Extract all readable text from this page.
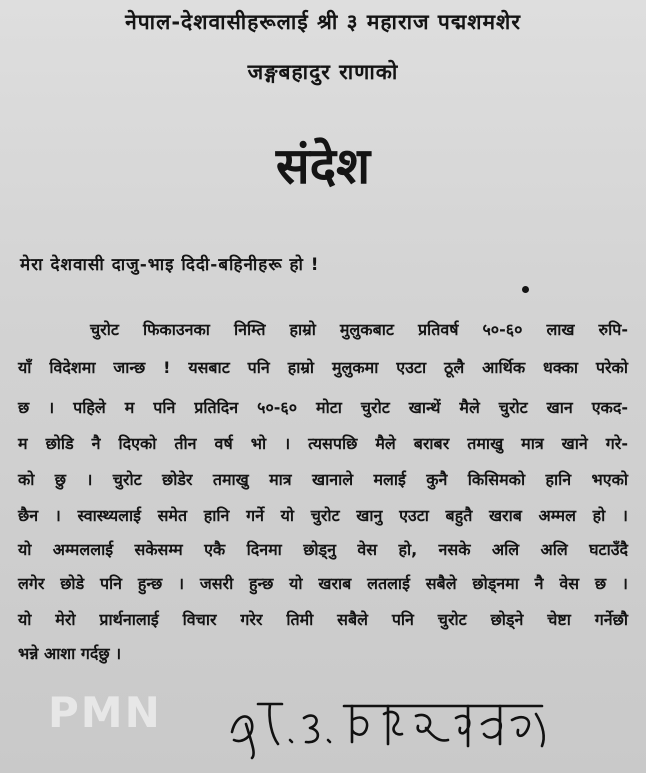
नेपाल-देशवासीहरूलाई श्री ३ महाराज पद्मशमशेर
जङ्गबहादुर राणाको
संदेश
मेरा देशवासी दाजु-भाइ दिदी-बहिनीहरू हो !
चुरोट फिकाउनका निम्ति हाम्रो मुलुकबाट प्रतिवर्ष ५०-६० लाख रुपि-
याँ विदेशमा जान्छ ! यसबाट पनि हाम्रो मुलुकमा एउटा ठूलै आर्थिक धक्का परेको
छ । पहिले म पनि प्रतिदिन ५०-६० मोटा चुरोट खान्थें मैले चुरोट खान एकद-
म छोडि नै दिएको तीन वर्ष भो । त्यसपछि मैले बराबर तमाखु मात्र खाने गरे-
को छु । चुरोट छोडेर तमाखु मात्र खानाले मलाई कुनै किसिमको हानि भएको
छैन । स्वास्थ्यलाई समेत हानि गर्ने यो चुरोट खानु एउटा बहुतै खराब अम्मल हो ।
यो अम्मललाई सकेसम्म एकै दिनमा छोड्नु वेस हो, नसके अलि अलि घटाउँदै
लगेर छोडे पनि हुन्छ । जसरी हुन्छ यो खराब लतलाई सबैले छोड्नमा नै वेस छ ।
यो मेरो प्रार्थनालाई विचार गरेर तिमी सबैले पनि चुरोट छोड्ने चेष्टा गर्नेछौ
भन्ने आशा गर्दछु ।
PMN
